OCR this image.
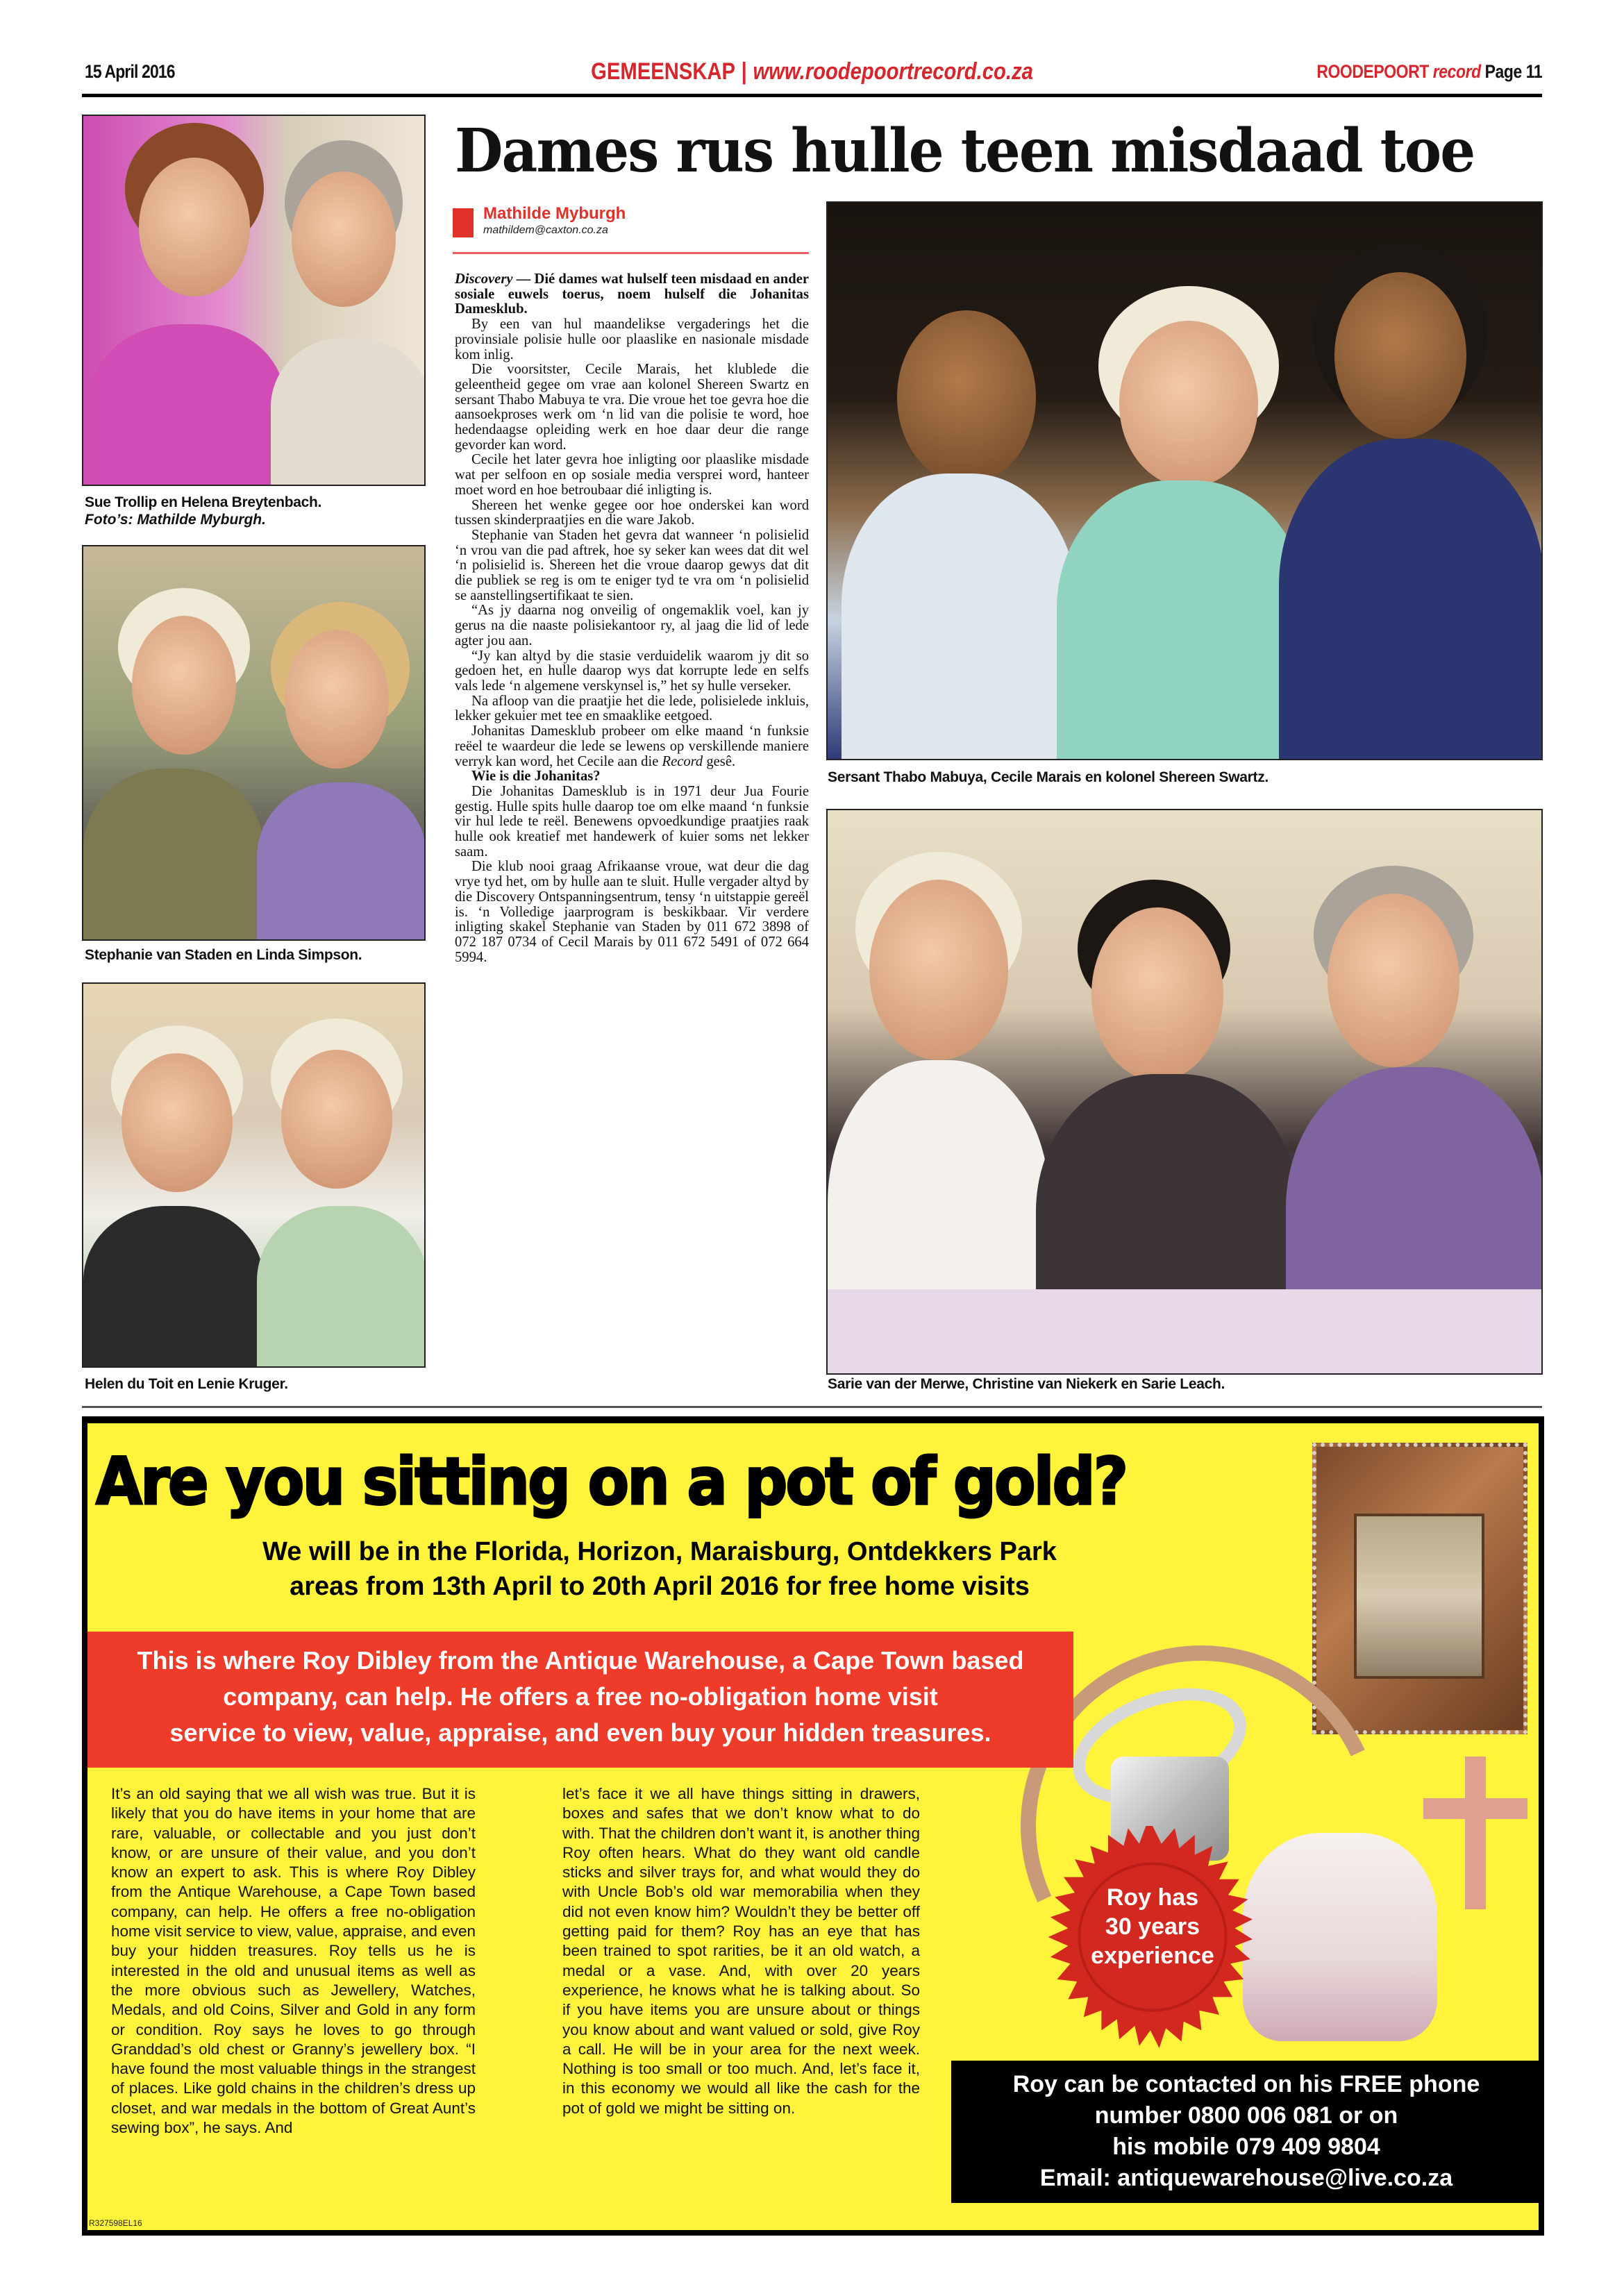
15 April 2016	GEMEENSKAP | www.roodepoortrecord.co.za	ROODEPOORT record Page 11
Sue Trollip en Helena Breytenbach.
Foto’s: Mathilde Myburgh.
Stephanie van Staden en Linda Simpson.
Helen du Toit en Lenie Kruger.
Dames rus hulle teen misdaad toe
Mathilde Myburgh
mathildem@caxton.co.za

Discovery — Dié dames wat hulself teen misdaad en ander sosiale euwels toerus, noem hulself die Johanitas Damesklub.

By een van hul maandelikse vergaderings het die provinsiale polisie hulle oor plaaslike en nasionale misdade kom inlig.

Die voorsitster, Cecile Marais, het klublede die geleentheid gegee om vrae aan kolonel Shereen Swartz en sersant Thabo Mabuya te vra. Die vroue het toe gevra hoe die aansoekproses werk om ‘n lid van die polisie te word, hoe hedendaagse opleiding werk en hoe daar deur die range gevorder kan word.

Cecile het later gevra hoe inligting oor plaaslike misdade wat per selfoon en op sosiale media versprei word, hanteer moet word en hoe betroubaar dié inligting is.

Shereen het wenke gegee oor hoe onderskei kan word tussen skinderpraatjies en die ware Jakob.

Stephanie van Staden het gevra dat wanneer ‘n polisielid ‘n vrou van die pad aftrek, hoe sy seker kan wees dat dit wel ‘n polisielid is. Shereen het die vroue daarop gewys dat dit die publiek se reg is om te eniger tyd te vra om ‘n polisielid se aanstellingsertifikaat te sien.

“As jy daarna nog onveilig of ongemaklik voel, kan jy gerus na die naaste polisiekantoor ry, al jaag die lid of lede agter jou aan.

“Jy kan altyd by die stasie verduidelik waarom jy dit so gedoen het, en hulle daarop wys dat korrupte lede en selfs vals lede ‘n algemene verskynsel is,” het sy hulle verseker.

Na afloop van die praatjie het die lede, polisielede inkluis, lekker gekuier met tee en smaaklike eetgoed.

Johanitas Damesklub probeer om elke maand ‘n funksie reëel te waardeur die lede se lewens op verskillende maniere verryk kan word, het Cecile aan die Record gesê.

Wie is die Johanitas?

Die Johanitas Damesklub is in 1971 deur Jua Fourie gestig. Hulle spits hulle daarop toe om elke maand ‘n funksie vir hul lede te reël. Benewens opvoedkundige praatjies raak hulle ook kreatief met handewerk of kuier soms net lekker saam.

Die klub nooi graag Afrikaanse vroue, wat deur die dag vrye tyd het, om by hulle aan te sluit. Hulle vergader altyd by die Discovery Ontspanningsentrum, tensy ‘n uitstappie gereël is. ‘n Volledige jaarprogram is beskikbaar. Vir verdere inligting skakel Stephanie van Staden by 011 672 3898 of 072 187 0734 of Cecil Marais by 011 672 5491 of 072 664 5994.

Sersant Thabo Mabuya, Cecile Marais en kolonel Shereen Swartz.
Sarie van der Merwe, Christine van Niekerk en Sarie Leach.
Are you sitting on a pot of gold?
We will be in the Florida, Horizon, Maraisburg, Ontdekkers Park
areas from 13th April to 20th April 2016 for free home visits
This is where Roy Dibley from the Antique Warehouse, a Cape Town based
company, can help. He offers a free no-obligation home visit
service to view, value, appraise, and even buy your hidden treasures.
It’s an old saying that we all wish was true. But it is likely that you do have items in your home that are rare, valuable, or collectable and you just don’t know, or are unsure of their value, and you don’t know an expert to ask. This is where Roy Dibley from the Antique Warehouse, a Cape Town based company, can help. He offers a free no-obligation home visit service to view, value, appraise, and even buy your hidden treasures. Roy tells us he is interested in the old and unusual items as well as the more obvious such as Jewellery, Watches, Medals, and old Coins, Silver and Gold in any form or condition. Roy says he loves to go through Granddad’s old chest or Granny’s jewellery box. “I have found the most valuable things in the strangest of places. Like gold chains in the children’s dress up closet, and war medals in the bottom of Great Aunt’s sewing box”, he says. And
let’s face it we all have things sitting in drawers, boxes and safes that we don’t know what to do with. That the children don’t want it, is another thing Roy often hears. What do they want old candle sticks and silver trays for, and what would they do with Uncle Bob’s old war memorabilia when they did not even know him? Wouldn’t they be better off getting paid for them? Roy has an eye that has been trained to spot rarities, be it an old watch, a medal or a vase. And, with over 20 years experience, he knows what he is talking about. So if you have items you are unsure about or things you know about and want valued or sold, give Roy a call. He will be in your area for the next week. Nothing is too small or too much. And, let’s face it, in this economy we would all like the cash for the pot of gold we might be sitting on.
Roy has
30 years
experience
Roy can be contacted on his FREE phone
number 0800 006 081 or on
his mobile 079 409 9804
Email: antiquewarehouse@live.co.za
R327598EL16
